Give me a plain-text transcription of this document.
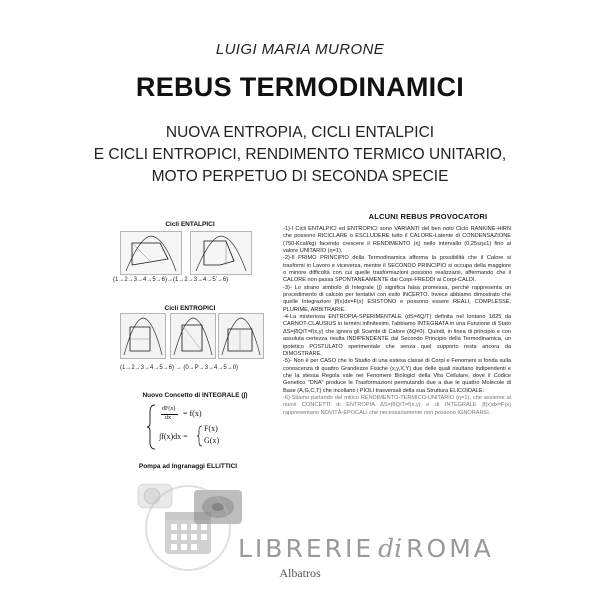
LUIGI MARIA MURONE
REBUS TERMODINAMICI
NUOVA ENTROPIA, CICLI ENTALPICI
E CICLI ENTROPICI, RENDIMENTO TERMICO UNITARIO,
MOTO PERPETUO DI SECONDA SPECIE
Cicli ENTALPICI
(1→2→3→4→5→6)→(1→2→3→4→5'→6)
Cicli ENTROPICI
(1→2→3→4→5→6) → (0→P→3→4→5→0)
Nuovo Concetto di INTEGRALE (∫)
dF(x)
dx = f(x)
∫f(x)dx =
F(x)
G(x)
Pompa ad Ingranaggi ELLITTICI
ALCUNI REBUS PROVOCATORI

-1)-I Cicli ENTALPICI ed ENTROPICI sono VARIANTI del ben noto Ciclo RANKINE-HIRN che possono RICICLARE o ESCLUDERE tutto il CALORE-Latente di CONDENSAZIONE (750-Kcal/kg) facendo crescere il RENDIMENTO (η) nello intervallo (0,25≤η≤1) fino al valore UNITARIO (η=1).

-2)-Il PRIMO PRINCIPIO della Termodinamica afferma la possibilità che il Calore si trasformi in Lavoro e viceversa, mentre il SECONDO PRINCIPIO si occupa della maggiore o minore difficoltà con cui quelle trasformazioni possono realizzarsi, affermando che il CALORE non passa SPONTANEAMENTE dai Corpi-FREDDI ai Corpi-CALDI.

-3)- Lo strano simbolo di Integrale (∫) significa falsa promessa, perché rappresenta un procedimento di calcolo per tentativi con esito INCERTO. Invece abbiamo dimostrato che quelle Integrazioni ∫f(x)dx=F(x) ESISTONO e possono essere REALI, COMPLESSE, PLURIME, ARBITRARIE.

-4-La misteriosa ENTROPIA-SPERIMENTALE (dS=δQ/T) definita nel lontano 1825 da CARNOT-CLAUSIUS in termini infinitesimi, l'abbiamo INTEGRATA in una Funzione di Stato ΔS=∫δQ/T=f(x,y) che ignora gli Scambi di Calore (δQ≠0). Quindi, in linea di principio e con assoluta certezza risulta INDIPENDENTE dal Secondo Principio della Termodinamica, un ipotetico POSTULATO sperimentale che senza quel supporto resta ancora da DIMOSTRARE.

-5)- Non è per CASO che lo Studio di una estesa classe di Corpi e Fenomeni si fonda sulla conoscenza di quattro Grandezze Fisiche (x,y,X,Y) due delle quali risultano indipendenti e che la stessa Regola vale nei Fenomeni Biologici della Vita Cellulare, dove il Codice Genetico "DNA" produce le Trasformazioni permutando due a due le quattro Molecole di Base (A,G,C,T) che incollano i PIOLI trasversali della sua Struttura ELICOIDALE.

-6)-Stiamo parlando del mitico RENDIMENTO-TERMICO-UNITARIO (η=1), che assieme ai nuovi CONCETTI di ENTROPIA ΔS=∫δQ/T=f(x,y) e di INTEGRALE ∫f(x)dx=F(x) rappresentano NOVITÀ-EPOCALI che necessariamente non possono IGNORARSI.

LIBRERIE di ROMA
Albatros
